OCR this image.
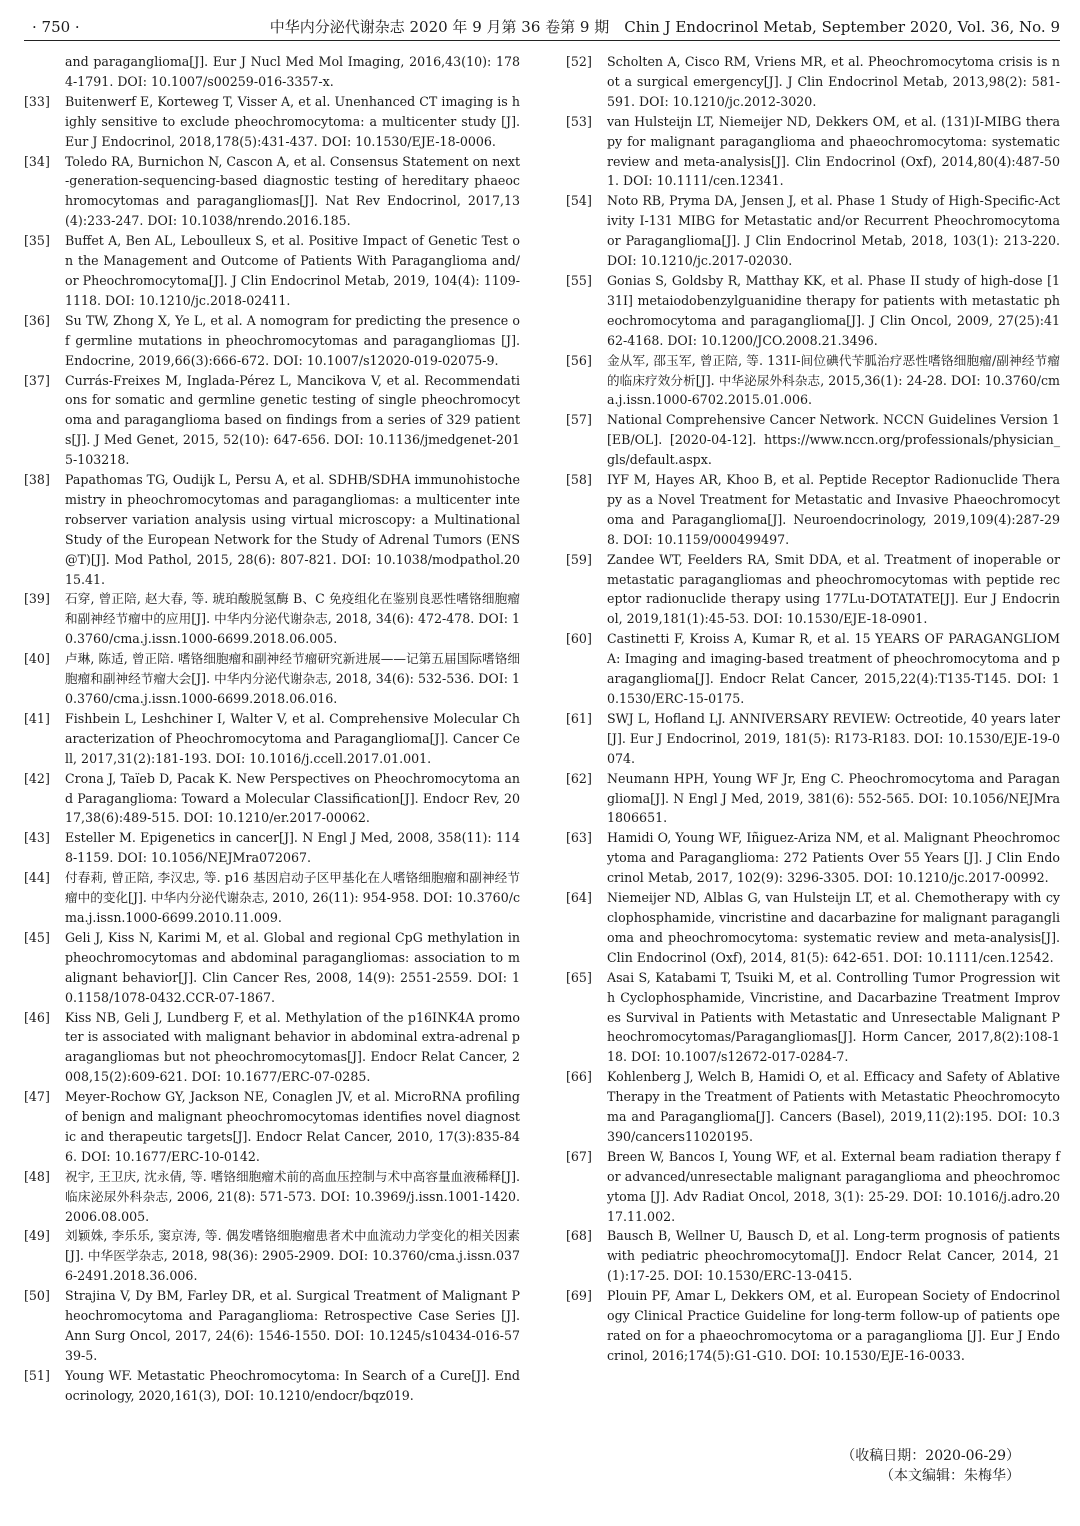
· 750 ·	中华内分泌代谢杂志 2020 年 9 月第 36 卷第 9 期　Chin J Endocrinol Metab, September 2020, Vol. 36, No. 9
and paraganglioma[J]. Eur J Nucl Med Mol Imaging, 2016,43(10): 1784-1791. DOI: 10.1007/s00259-016-3357-x.
[33] Buitenwerf E, Korteweg T, Visser A, et al. Unenhanced CT imaging is highly sensitive to exclude pheochromocytoma: a multicenter study [J]. Eur J Endocrinol, 2018,178(5):431-437. DOI: 10.1530/EJE-18-0006.
[34] Toledo RA, Burnichon N, Cascon A, et al. Consensus Statement on next-generation-sequencing-based diagnostic testing of hereditary phaeochromocytomas and paragangliomas[J]. Nat Rev Endocrinol, 2017,13(4):233-247. DOI: 10.1038/nrendo.2016.185.
[35] Buffet A, Ben AL, Leboulleux S, et al. Positive Impact of Genetic Test on the Management and Outcome of Patients With Paraganglioma and/or Pheochromocytoma[J]. J Clin Endocrinol Metab, 2019, 104(4): 1109-1118. DOI: 10.1210/jc.2018-02411.
[36] Su TW, Zhong X, Ye L, et al. A nomogram for predicting the presence of germline mutations in pheochromocytomas and paragangliomas [J]. Endocrine, 2019,66(3):666-672. DOI: 10.1007/s12020-019-02075-9.
[37] Currás-Freixes M, Inglada-Pérez L, Mancikova V, et al. Recommendations for somatic and germline genetic testing of single pheochromocytoma and paraganglioma based on findings from a series of 329 patients[J]. J Med Genet, 2015, 52(10): 647-656. DOI: 10.1136/jmedgenet-2015-103218.
[38] Papathomas TG, Oudijk L, Persu A, et al. SDHB/SDHA immunohistochemistry in pheochromocytomas and paragangliomas: a multicenter interobserver variation analysis using virtual microscopy: a Multinational Study of the European Network for the Study of Adrenal Tumors (ENS@T)[J]. Mod Pathol, 2015, 28(6): 807-821. DOI: 10.1038/modpathol.2015.41.
[39] 石穿, 曾正陪, 赵大春, 等. 琥珀酸脱氢酶 B、C 免疫组化在鉴别良恶性嗜铬细胞瘤和副神经节瘤中的应用[J]. 中华内分泌代谢杂志, 2018, 34(6): 472-478. DOI: 10.3760/cma.j.issn.1000-6699.2018.06.005.
[40] 卢琳, 陈适, 曾正陪. 嗜铬细胞瘤和副神经节瘤研究新进展——记第五届国际嗜铬细胞瘤和副神经节瘤大会[J]. 中华内分泌代谢杂志, 2018, 34(6): 532-536. DOI: 10.3760/cma.j.issn.1000-6699.2018.06.016.
[41] Fishbein L, Leshchiner I, Walter V, et al. Comprehensive Molecular Characterization of Pheochromocytoma and Paraganglioma[J]. Cancer Cell, 2017,31(2):181-193. DOI: 10.1016/j.ccell.2017.01.001.
[42] Crona J, Taïeb D, Pacak K. New Perspectives on Pheochromocytoma and Paraganglioma: Toward a Molecular Classification[J]. Endocr Rev, 2017,38(6):489-515. DOI: 10.1210/er.2017-00062.
[43] Esteller M. Epigenetics in cancer[J]. N Engl J Med, 2008, 358(11): 1148-1159. DOI: 10.1056/NEJMra072067.
[44] 付春莉, 曾正陪, 李汉忠, 等. p16 基因启动子区甲基化在人嗜铬细胞瘤和副神经节瘤中的变化[J]. 中华内分泌代谢杂志, 2010, 26(11): 954-958. DOI: 10.3760/cma.j.issn.1000-6699.2010.11.009.
[45] Geli J, Kiss N, Karimi M, et al. Global and regional CpG methylation in pheochromocytomas and abdominal paragangliomas: association to malignant behavior[J]. Clin Cancer Res, 2008, 14(9): 2551-2559. DOI: 10.1158/1078-0432.CCR-07-1867.
[46] Kiss NB, Geli J, Lundberg F, et al. Methylation of the p16INK4A promoter is associated with malignant behavior in abdominal extra-adrenal paragangliomas but not pheochromocytomas[J]. Endocr Relat Cancer, 2008,15(2):609-621. DOI: 10.1677/ERC-07-0285.
[47] Meyer-Rochow GY, Jackson NE, Conaglen JV, et al. MicroRNA profiling of benign and malignant pheochromocytomas identifies novel diagnostic and therapeutic targets[J]. Endocr Relat Cancer, 2010, 17(3):835-846. DOI: 10.1677/ERC-10-0142.
[48] 祝宇, 王卫庆, 沈永倩, 等. 嗜铬细胞瘤术前的高血压控制与术中高容量血液稀释[J]. 临床泌尿外科杂志, 2006, 21(8): 571-573. DOI: 10.3969/j.issn.1001-1420.2006.08.005.
[49] 刘颖姝, 李乐乐, 窦京涛, 等. 偶发嗜铬细胞瘤患者术中血流动力学变化的相关因素[J]. 中华医学杂志, 2018, 98(36): 2905-2909. DOI: 10.3760/cma.j.issn.0376-2491.2018.36.006.
[50] Strajina V, Dy BM, Farley DR, et al. Surgical Treatment of Malignant Pheochromocytoma and Paraganglioma: Retrospective Case Series [J]. Ann Surg Oncol, 2017, 24(6): 1546-1550. DOI: 10.1245/s10434-016-5739-5.
[51] Young WF. Metastatic Pheochromocytoma: In Search of a Cure[J]. Endocrinology, 2020,161(3), DOI: 10.1210/endocr/bqz019.
[52] Scholten A, Cisco RM, Vriens MR, et al. Pheochromocytoma crisis is not a surgical emergency[J]. J Clin Endocrinol Metab, 2013,98(2): 581-591. DOI: 10.1210/jc.2012-3020.
[53] van Hulsteijn LT, Niemeijer ND, Dekkers OM, et al. (131)I-MIBG therapy for malignant paraganglioma and phaeochromocytoma: systematic review and meta-analysis[J]. Clin Endocrinol (Oxf), 2014,80(4):487-501. DOI: 10.1111/cen.12341.
[54] Noto RB, Pryma DA, Jensen J, et al. Phase 1 Study of High-Specific-Activity I-131 MIBG for Metastatic and/or Recurrent Pheochromocytoma or Paraganglioma[J]. J Clin Endocrinol Metab, 2018, 103(1): 213-220. DOI: 10.1210/jc.2017-02030.
[55] Gonias S, Goldsby R, Matthay KK, et al. Phase II study of high-dose [131I] metaiodobenzylguanidine therapy for patients with metastatic pheochromocytoma and paraganglioma[J]. J Clin Oncol, 2009, 27(25):4162-4168. DOI: 10.1200/JCO.2008.21.3496.
[56] 金从军, 邵玉军, 曾正陪, 等. 131I-间位碘代苄胍治疗恶性嗜铬细胞瘤/副神经节瘤的临床疗效分析[J]. 中华泌尿外科杂志, 2015,36(1): 24-28. DOI: 10.3760/cma.j.issn.1000-6702.2015.01.006.
[57] National Comprehensive Cancer Network. NCCN Guidelines Version 1 [EB/OL]. [2020-04-12]. https://www.nccn.org/professionals/physician_gls/default.aspx.
[58] IYF M, Hayes AR, Khoo B, et al. Peptide Receptor Radionuclide Therapy as a Novel Treatment for Metastatic and Invasive Phaeochromocytoma and Paraganglioma[J]. Neuroendocrinology, 2019,109(4):287-298. DOI: 10.1159/000499497.
[59] Zandee WT, Feelders RA, Smit DDA, et al. Treatment of inoperable or metastatic paragangliomas and pheochromocytomas with peptide receptor radionuclide therapy using 177Lu-DOTATATE[J]. Eur J Endocrinol, 2019,181(1):45-53. DOI: 10.1530/EJE-18-0901.
[60] Castinetti F, Kroiss A, Kumar R, et al. 15 YEARS OF PARAGANGLIOMA: Imaging and imaging-based treatment of pheochromocytoma and paraganglioma[J]. Endocr Relat Cancer, 2015,22(4):T135-T145. DOI: 10.1530/ERC-15-0175.
[61] SWJ L, Hofland LJ. ANNIVERSARY REVIEW: Octreotide, 40 years later[J]. Eur J Endocrinol, 2019, 181(5): R173-R183. DOI: 10.1530/EJE-19-0074.
[62] Neumann HPH, Young WF Jr, Eng C. Pheochromocytoma and Paraganglioma[J]. N Engl J Med, 2019, 381(6): 552-565. DOI: 10.1056/NEJMra1806651.
[63] Hamidi O, Young WF, Iñiguez-Ariza NM, et al. Malignant Pheochromocytoma and Paraganglioma: 272 Patients Over 55 Years [J]. J Clin Endocrinol Metab, 2017, 102(9): 3296-3305. DOI: 10.1210/jc.2017-00992.
[64] Niemeijer ND, Alblas G, van Hulsteijn LT, et al. Chemotherapy with cyclophosphamide, vincristine and dacarbazine for malignant paraganglioma and pheochromocytoma: systematic review and meta-analysis[J]. Clin Endocrinol (Oxf), 2014, 81(5): 642-651. DOI: 10.1111/cen.12542.
[65] Asai S, Katabami T, Tsuiki M, et al. Controlling Tumor Progression with Cyclophosphamide, Vincristine, and Dacarbazine Treatment Improves Survival in Patients with Metastatic and Unresectable Malignant Pheochromocytomas/Paragangliomas[J]. Horm Cancer, 2017,8(2):108-118. DOI: 10.1007/s12672-017-0284-7.
[66] Kohlenberg J, Welch B, Hamidi O, et al. Efficacy and Safety of Ablative Therapy in the Treatment of Patients with Metastatic Pheochromocytoma and Paraganglioma[J]. Cancers (Basel), 2019,11(2):195. DOI: 10.3390/cancers11020195.
[67] Breen W, Bancos I, Young WF, et al. External beam radiation therapy for advanced/unresectable malignant paraganglioma and pheochromocytoma [J]. Adv Radiat Oncol, 2018, 3(1): 25-29. DOI: 10.1016/j.adro.2017.11.002.
[68] Bausch B, Wellner U, Bausch D, et al. Long-term prognosis of patients with pediatric pheochromocytoma[J]. Endocr Relat Cancer, 2014, 21(1):17-25. DOI: 10.1530/ERC-13-0415.
[69] Plouin PF, Amar L, Dekkers OM, et al. European Society of Endocrinology Clinical Practice Guideline for long-term follow-up of patients operated on for a phaeochromocytoma or a paraganglioma [J]. Eur J Endocrinol, 2016;174(5):G1-G10. DOI: 10.1530/EJE-16-0033.
（收稿日期：2020-06-29）
（本文编辑：朱梅华）
